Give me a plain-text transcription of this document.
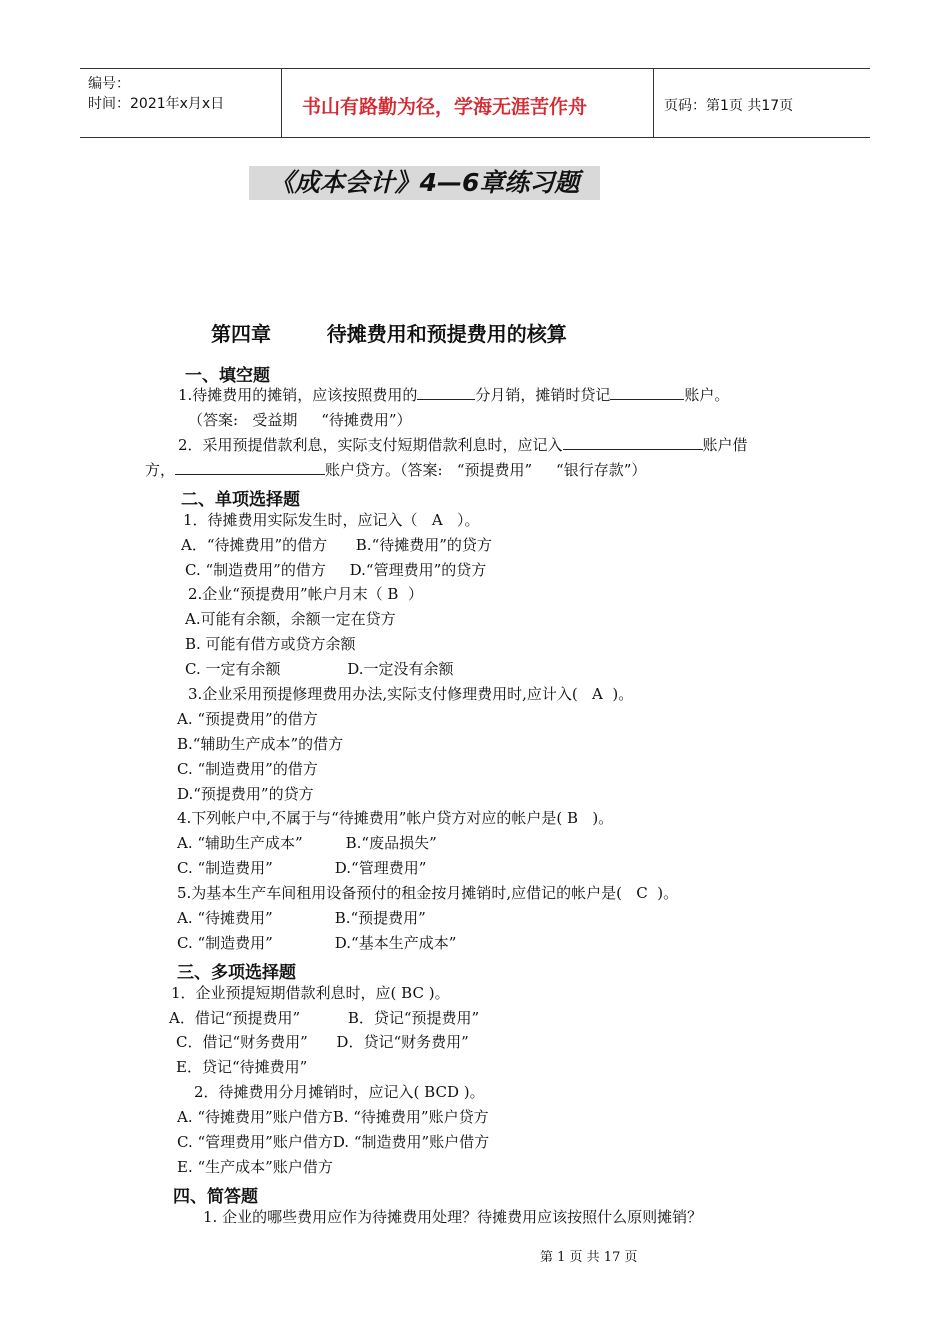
编号：
时间：2021年x月x日	书山有路勤为径，学海无涯苦作舟	页码：第1页 共17页
《成本会计》4—6章练习题
第四章        待摊费用和预提费用的核算
一、填空题
1.待摊费用的摊销，应该按照费用的	分月销，摊销时贷记	账户。
（答案:   受益期     “待摊费用”）
2．采用预提借款利息，实际支付短期借款利息时，应记入	账户借
方，	账户贷方。（答案:   “预提费用”     “银行存款”）
二、单项选择题
1．待摊费用实际发生时，应记入（   A   ）。
A．“待摊费用”的借方      B.“待摊费用”的贷方
C. “制造费用”的借方     D.“管理费用”的贷方
2.企业“预提费用”帐户月末（ B  ）
A.可能有余额，余额一定在贷方
B. 可能有借方或贷方余额
C. 一定有余额              D.一定没有余额
3.企业采用预提修理费用办法,实际支付修理费用时,应计入(   A  )。
A. “预提费用”的借方
B.“辅助生产成本”的借方
C. “制造费用”的借方
D.“预提费用”的贷方
4.下列帐户中,不属于与“待摊费用”帐户贷方对应的帐户是( B   )。
A. “辅助生产成本”         B.“废品损失”
C. “制造费用”             D.“管理费用”
5.为基本生产车间租用设备预付的租金按月摊销时,应借记的帐户是(   C  )。
A. “待摊费用”             B.“预提费用”
C. “制造费用”             D.“基本生产成本”
三、多项选择题
1．企业预提短期借款利息时，应( BC )。
A．借记“预提费用”          B．贷记“预提费用”
C．借记“财务费用”      D．贷记“财务费用”
E．贷记“待摊费用”
2．待摊费用分月摊销时，应记入( BCD )。
A. “待摊费用”账户借方B. “待摊费用”账户贷方
C. “管理费用”账户借方D. “制造费用”账户借方
E. “生产成本”账户借方
四、简答题
1. 企业的哪些费用应作为待摊费用处理？待摊费用应该按照什么原则摊销？
第 1 页 共 17 页
